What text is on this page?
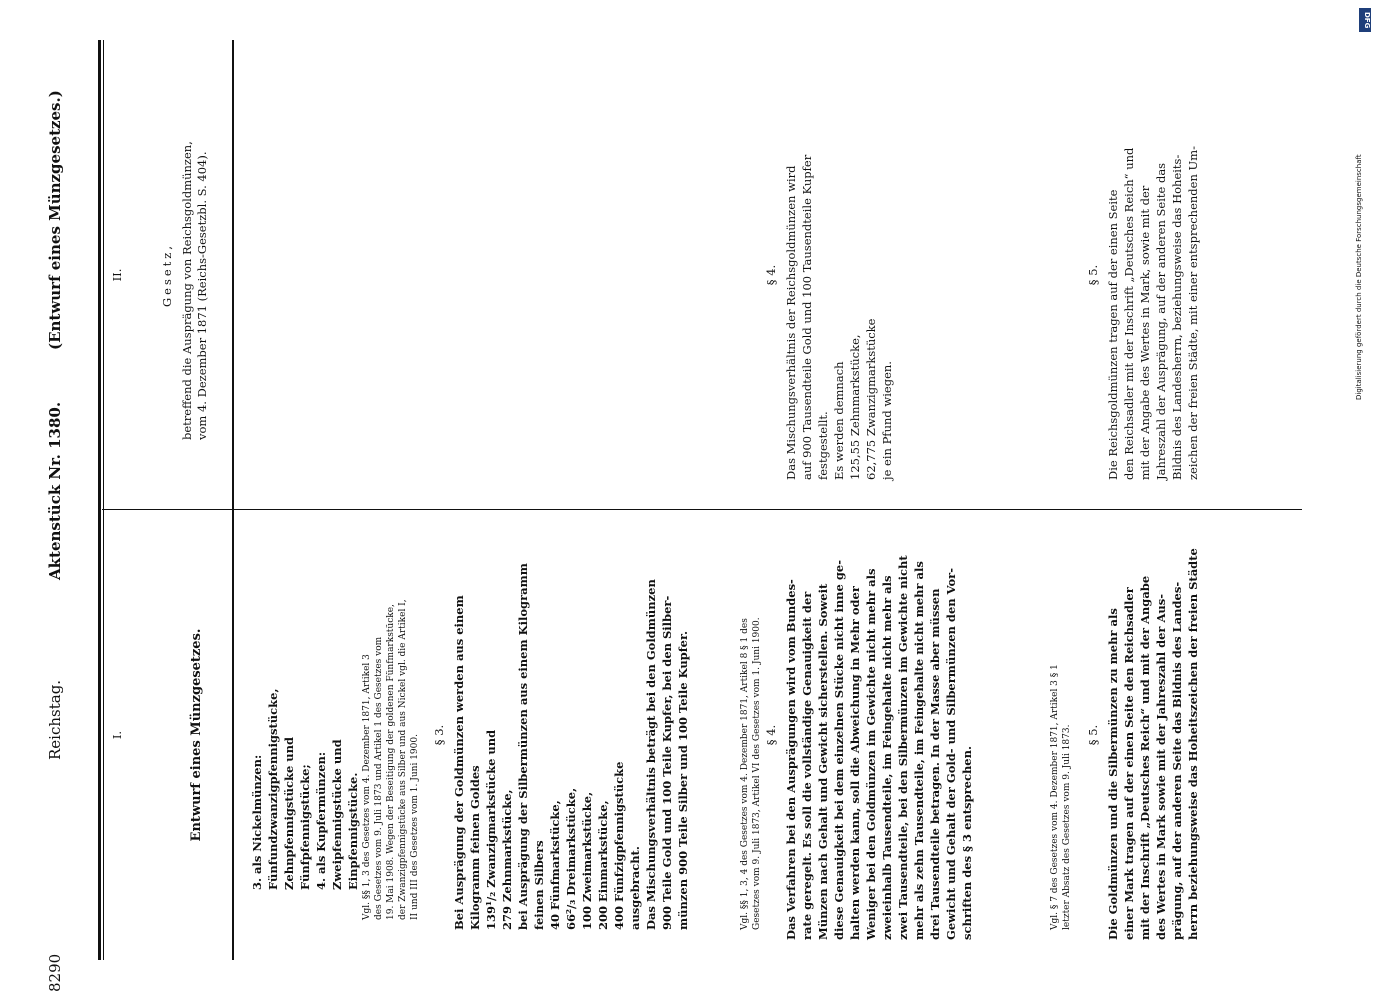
8290
Reichstag.
Aktenstück Nr. 1380.
(Entwurf eines Münzgesetzes.)
I.	Entwurf eines Münzgesetzes.	3. als Nickelmünzen: Fünfundzwanzigpfennigstücke, Zehnpfennigstücke und Fünfpfennigstücke; 4. als Kupfermünzen: Zweipfennigstücke und Einpfennigstücke. Vgl. §§ 1, 3 des Gesetzes vom 4. Dezember 1871, Artikel 3 des Gesetzes vom 9. Juli 1873 und Artikel 1 des Gesetzes vom 19. Mai 1908. Wegen der Beseitigung der goldenen Fünfmarkstücke, der Zwanzigpfennigstücke aus Silber und aus Nickel vgl. die Artikel I, II und III des Gesetzes vom 1. Juni 1900. § 3. Bei Ausprägung der Goldmünzen werden aus einem Kilogramm feinen Goldes 139¹/₂ Zwanzigmarkstücke und 279 Zehnmarkstücke, bei Ausprägung der Silbermünzen aus einem Kilogramm feinen Silbers 40 Fünfmarkstücke, 66²/₃ Dreimarkstücke, 100 Zweimarkstücke, 200 Einmarkstücke, 400 Fünfzigpfennigstücke ausgebracht. Das Mischungsverhältnis beträgt bei den Goldmünzen 900 Teile Gold und 100 Teile Kupfer, bei den Silber- münzen 900 Teile Silber und 100 Teile Kupfer.	Vgl. §§ 1, 3, 4 des Gesetzes vom 4. Dezember 1871, Artikel 8 § 1 des Gesetzes vom 9. Juli 1873, Artikel VI des Gesetzes vom 1. Juni 1900. § 4. Das Verfahren bei den Ausprägungen wird vom Bundes- rate geregelt. Es soll die vollständige Genauigkeit der Münzen nach Gehalt und Gewicht sicherstellen. Soweit diese Genauigkeit bei dem einzelnen Stücke nicht inne ge- halten werden kann, soll die Abweichung in Mehr oder Weniger bei den Goldmünzen im Gewichte nicht mehr als zweieinhalb Tausendteile, im Feingehalte nicht mehr als zwei Tausendteile, bei den Silbermünzen im Gewichte nicht mehr als zehn Tausendteile, im Feingehalte nicht mehr als drei Tausendteile betragen. In der Masse aber müssen Gewicht und Gehalt der Gold- und Silbermünzen den Vor- schriften des § 3 entsprechen.	Vgl. § 7 des Gesetzes vom 4. Dezember 1871, Artikel 3 § 1 letzter Absatz des Gesetzes vom 9. Juli 1873. § 5. Die Goldmünzen und die Silbermünzen zu mehr als einer Mark tragen auf der einen Seite den Reichsadler mit der Inschrift „Deutsches Reich“ und mit der Angabe des Wertes in Mark sowie mit der Jahreszahl der Aus- prägung, auf der anderen Seite das Bildnis des Landes- herrn beziehungsweise das Hoheitszeichen der freien Städte
II.	Gesetz, betreffend die Ausprägung von Reichsgoldmünzen, vom 4. Dezember 1871 (Reichs-Gesetzbl. S. 404).	§ 4. Das Mischungsverhältnis der Reichsgoldmünzen wird auf 900 Tausendteile Gold und 100 Tausendteile Kupfer festgestellt. Es werden demnach 125,55 Zehnmarkstücke, 62,775 Zwanzigmarkstücke je ein Pfund wiegen.
§ 5. Die Reichsgoldmünzen tragen auf der einen Seite den Reichsadler mit der Inschrift „Deutsches Reich“ und mit der Angabe des Wertes in Mark, sowie mit der Jahreszahl der Ausprägung, auf der anderen Seite das Bildnis des Landesherrn, beziehungsweise das Hoheits- zeichen der freien Städte, mit einer entsprechenden Um-
DFG
Digitalisierung gefördert durch die Deutsche Forschungsgemeinschaft
